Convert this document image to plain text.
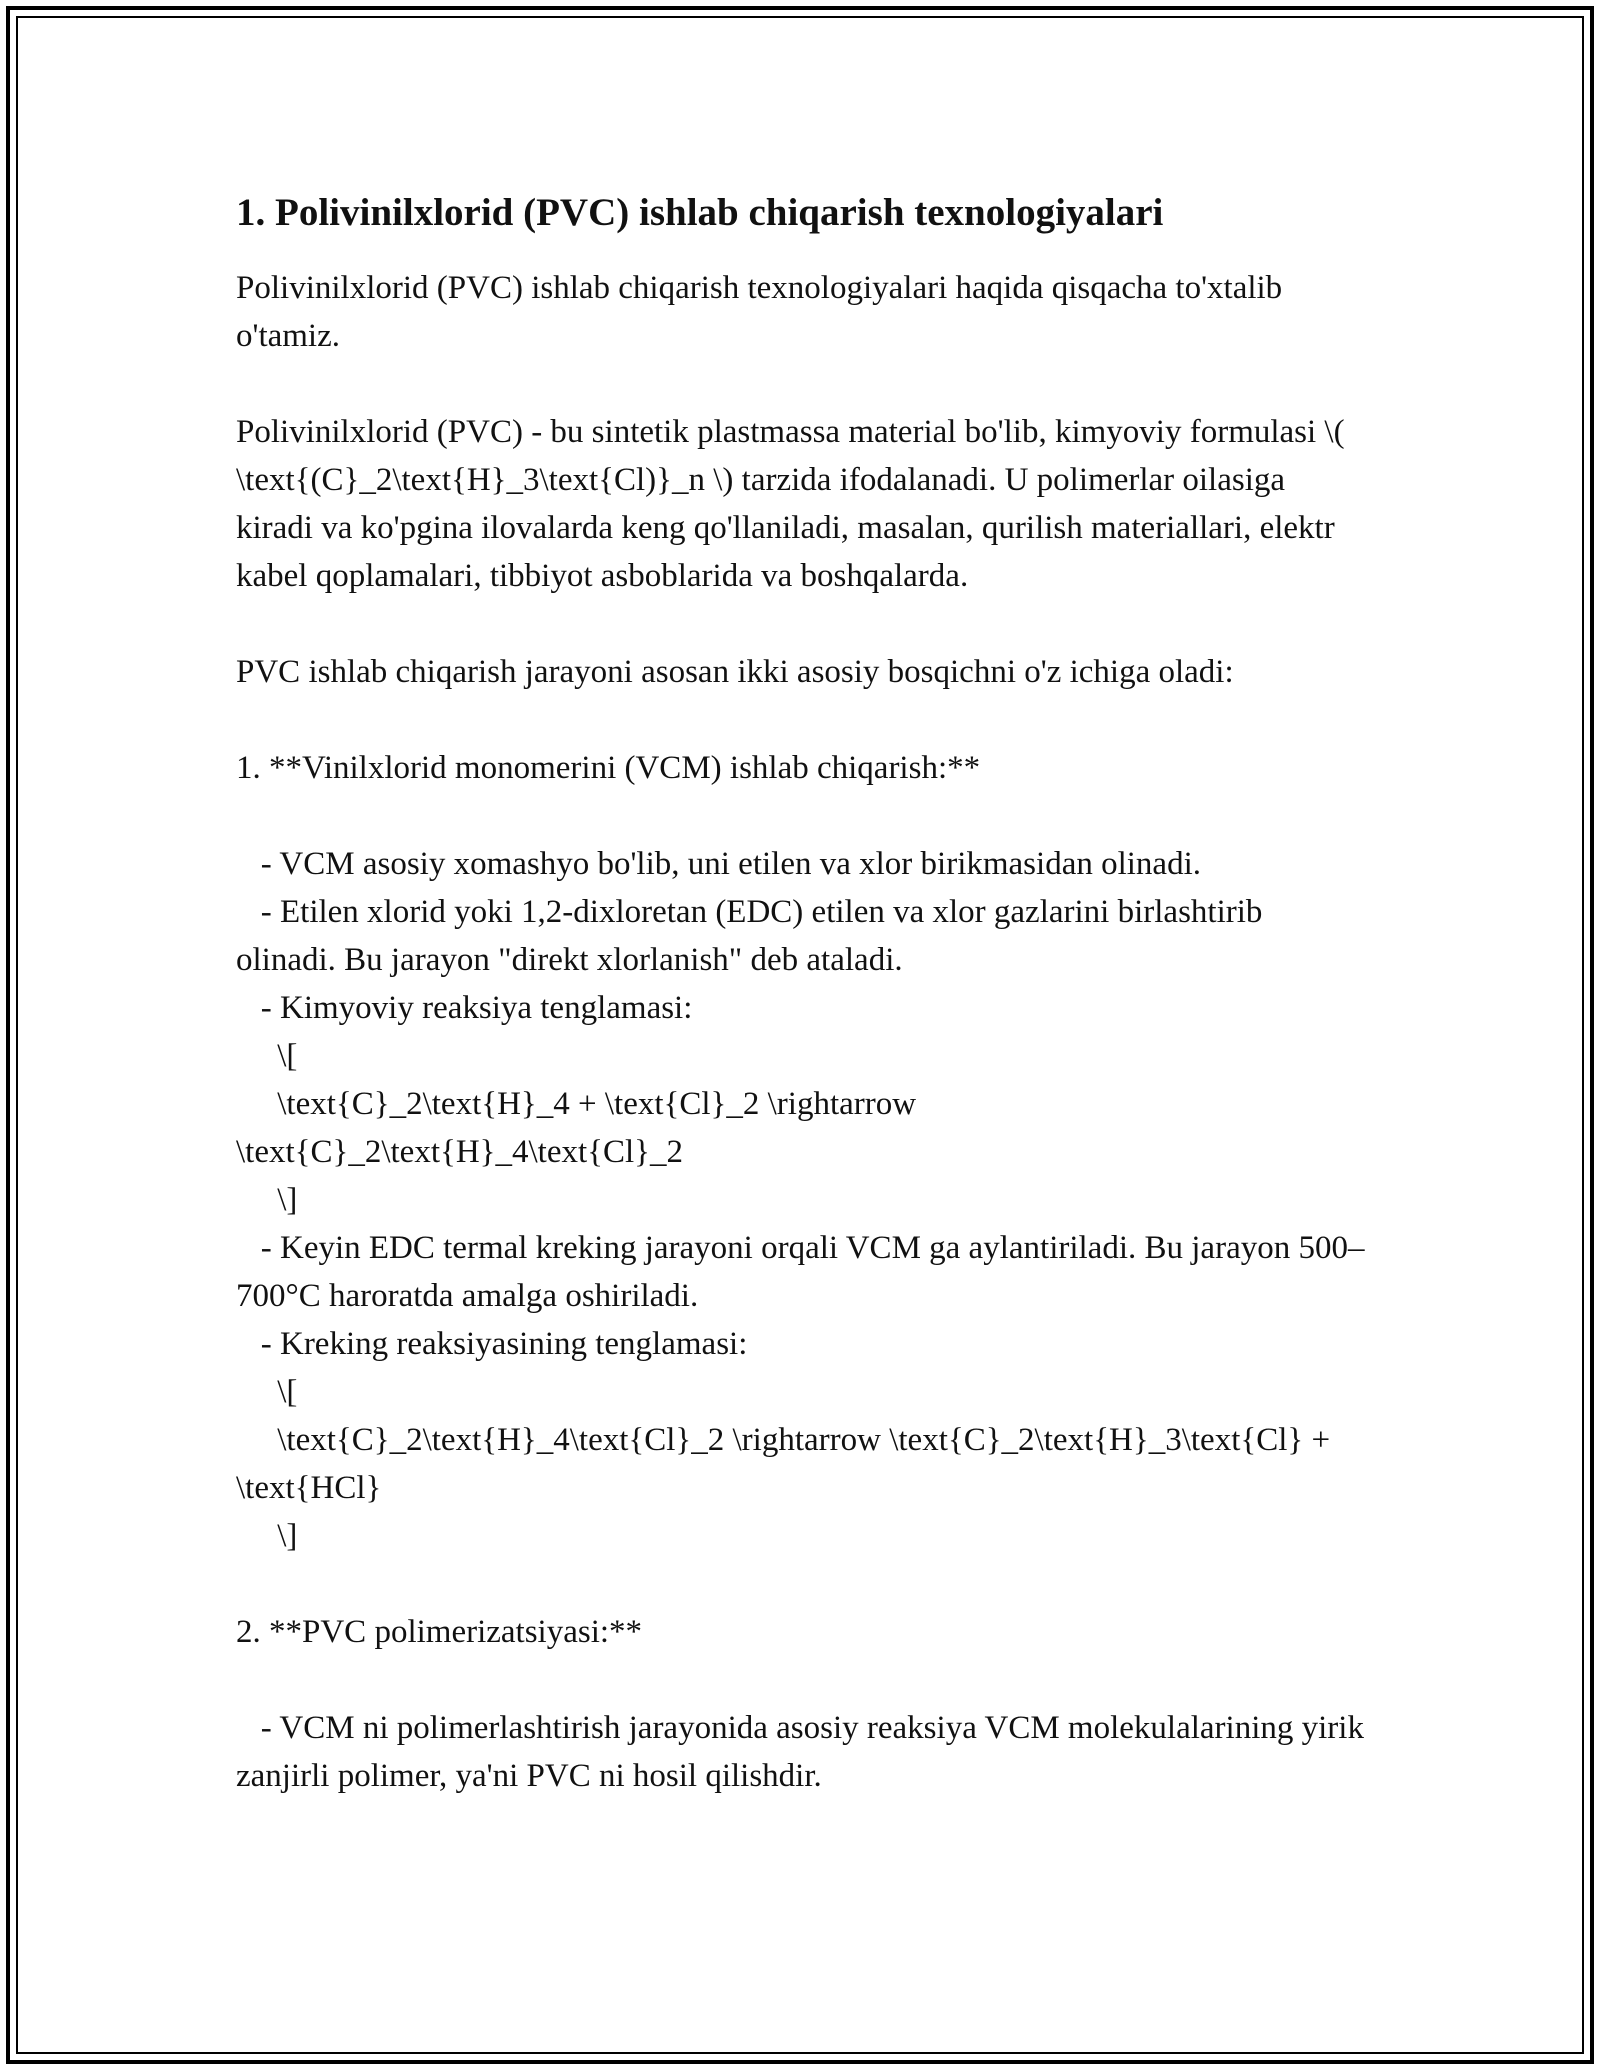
1. Polivinilxlorid (PVC) ishlab chiqarish texnologiyalari

Polivinilxlorid (PVC) ishlab chiqarish texnologiyalari haqida qisqacha to'xtalib o'tamiz.

Polivinilxlorid (PVC) - bu sintetik plastmassa material bo'lib, kimyoviy formulasi \( \text{(C}_2\text{H}_3\text{Cl)}_n \) tarzida ifodalanadi. U polimerlar oilasiga kiradi va ko'pgina ilovalarda keng qo'llaniladi, masalan, qurilish materiallari, elektr kabel qoplamalari, tibbiyot asboblarida va boshqalarda.

PVC ishlab chiqarish jarayoni asosan ikki asosiy bosqichni o'z ichiga oladi:

1. **Vinilxlorid monomerini (VCM) ishlab chiqarish:**

- VCM asosiy xomashyo bo'lib, uni etilen va xlor birikmasidan olinadi.
- Etilen xlorid yoki 1,2-dixloretan (EDC) etilen va xlor gazlarini birlashtirib olinadi. Bu jarayon "direkt xlorlanish" deb ataladi.
- Kimyoviy reaksiya tenglamasi:
\[
\text{C}_2\text{H}_4 + \text{Cl}_2 \rightarrow \text{C}_2\text{H}_4\text{Cl}_2
\]
- Keyin EDC termal kreking jarayoni orqali VCM ga aylantiriladi. Bu jarayon 500–700°C haroratda amalga oshiriladi.
- Kreking reaksiyasining tenglamasi:
\[
\text{C}_2\text{H}_4\text{Cl}_2 \rightarrow \text{C}_2\text{H}_3\text{Cl} + \text{HCl}
\]

2. **PVC polimerizatsiyasi:**

- VCM ni polimerlashtirish jarayonida asosiy reaksiya VCM molekulalarining yirik zanjirli polimer, ya'ni PVC ni hosil qilishdir.
